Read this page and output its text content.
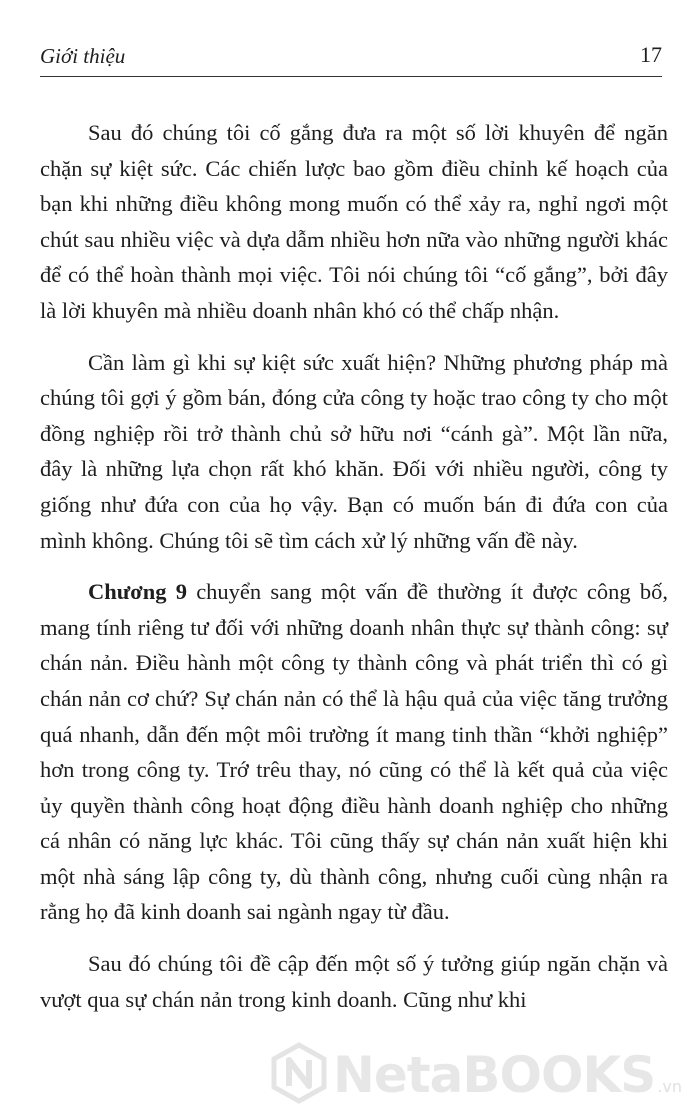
Giới thiệu	17

Sau đó chúng tôi cố gắng đưa ra một số lời khuyên để ngăn chặn sự kiệt sức. Các chiến lược bao gồm điều chỉnh kế hoạch của bạn khi những điều không mong muốn có thể xảy ra, nghỉ ngơi một chút sau nhiều việc và dựa dẫm nhiều hơn nữa vào những người khác để có thể hoàn thành mọi việc. Tôi nói chúng tôi “cố gắng”, bởi đây là lời khuyên mà nhiều doanh nhân khó có thể chấp nhận.

Cần làm gì khi sự kiệt sức xuất hiện? Những phương pháp mà chúng tôi gợi ý gồm bán, đóng cửa công ty hoặc trao công ty cho một đồng nghiệp rồi trở thành chủ sở hữu nơi “cánh gà”. Một lần nữa, đây là những lựa chọn rất khó khăn. Đối với nhiều người, công ty giống như đứa con của họ vậy. Bạn có muốn bán đi đứa con của mình không. Chúng tôi sẽ tìm cách xử lý những vấn đề này.

Chương 9 chuyển sang một vấn đề thường ít được công bố, mang tính riêng tư đối với những doanh nhân thực sự thành công: sự chán nản. Điều hành một công ty thành công và phát triển thì có gì chán nản cơ chứ? Sự chán nản có thể là hậu quả của việc tăng trưởng quá nhanh, dẫn đến một môi trường ít mang tinh thần “khởi nghiệp” hơn trong công ty. Trớ trêu thay, nó cũng có thể là kết quả của việc ủy quyền thành công hoạt động điều hành doanh nghiệp cho những cá nhân có năng lực khác. Tôi cũng thấy sự chán nản xuất hiện khi một nhà sáng lập công ty, dù thành công, nhưng cuối cùng nhận ra rằng họ đã kinh doanh sai ngành ngay từ đầu.

Sau đó chúng tôi đề cập đến một số ý tưởng giúp ngăn chặn và vượt qua sự chán nản trong kinh doanh. Cũng như khi

NetaBOOKS .vn
